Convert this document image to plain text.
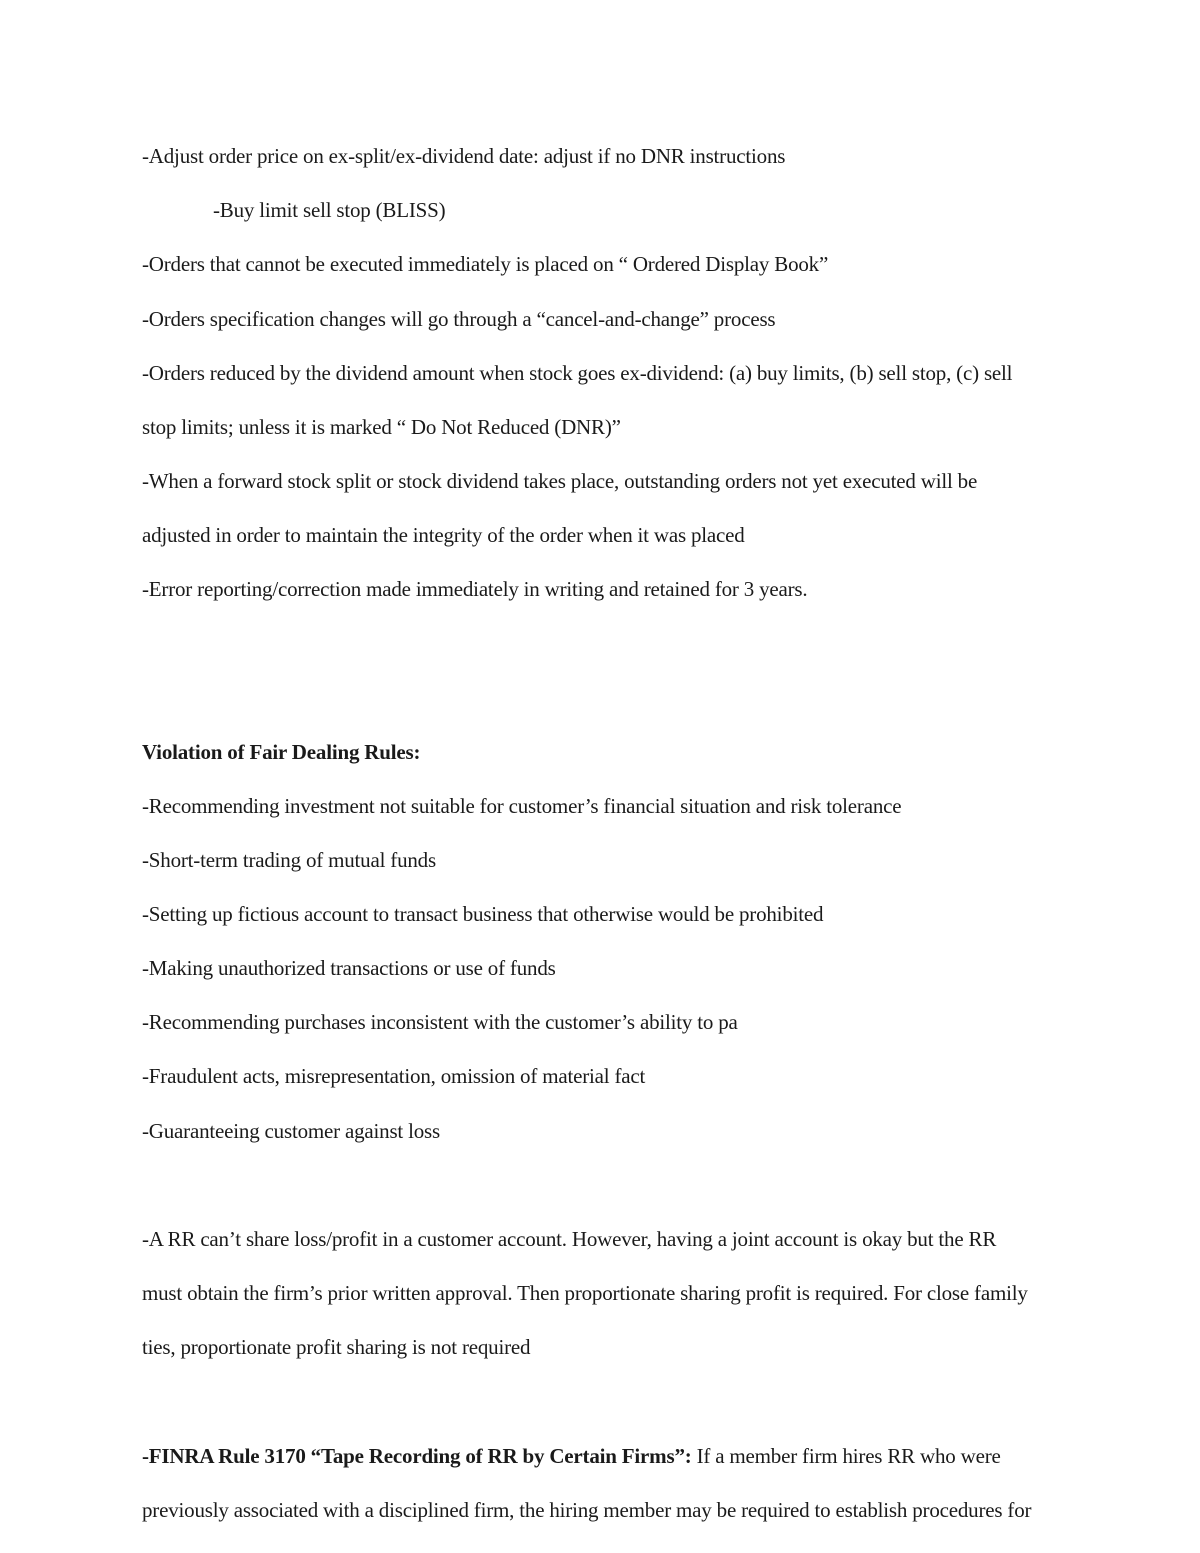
-Adjust order price on ex-split/ex-dividend date: adjust if no DNR instructions
-Buy limit sell stop (BLISS)
-Orders that cannot be executed immediately is placed on “ Ordered Display Book”
-Orders specification changes will go through a “cancel-and-change” process
-Orders reduced by the dividend amount when stock goes ex-dividend: (a) buy limits, (b) sell stop, (c) sell
stop limits; unless it is marked “ Do Not Reduced (DNR)”
-When a forward stock split or stock dividend takes place, outstanding orders not yet executed will be
adjusted in order to maintain the integrity of the order when it was placed
-Error reporting/correction made immediately in writing and retained for 3 years.
Violation of Fair Dealing Rules:
-Recommending investment not suitable for customer’s financial situation and risk tolerance
-Short-term trading of mutual funds
-Setting up fictious account to transact business that otherwise would be prohibited
-Making unauthorized transactions or use of funds
-Recommending purchases inconsistent with the customer’s ability to pa
-Fraudulent acts, misrepresentation, omission of material fact
-Guaranteeing customer against loss
-A RR can’t share loss/profit in a customer account. However, having a joint account is okay but the RR
must obtain the firm’s prior written approval. Then proportionate sharing profit is required. For close family
ties, proportionate profit sharing is not required
-FINRA Rule 3170 “Tape Recording of RR by Certain Firms”: If a member firm hires RR who were
previously associated with a disciplined firm, the hiring member may be required to establish procedures for
